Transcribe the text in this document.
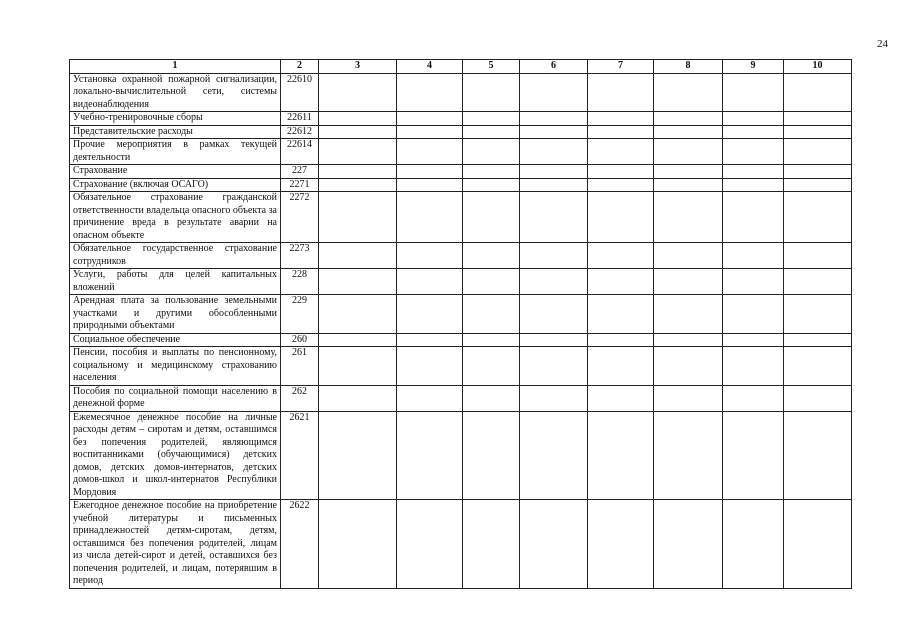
24
1	2	3	4	5	6	7	8	9	10
Установка охранной пожарной сигнализации, локально-вычислительной сети, системы видеонаблюдения	22610								
Учебно-тренировочные сборы	22611								
Представительские расходы	22612								
Прочие мероприятия в рамках текущей деятельности	22614								
Страхование	227								
Страхование (включая ОСАГО)	2271								
Обязательное страхование гражданской ответственности владельца опасного объекта за причинение вреда в результате аварии на опасном объекте	2272								
Обязательное государственное страхование сотрудников	2273								
Услуги, работы для целей капитальных вложений	228								
Арендная плата за пользование земельными участками и другими обособленными природными объектами	229								
Социальное обеспечение	260								
Пенсии, пособия и выплаты по пенсионному, социальному и медицинскому страхованию населения	261								
Пособия по социальной помощи населению в денежной форме	262								
Ежемесячное денежное пособие на личные расходы детям – сиротам и детям, оставшимся без попечения родителей, являющимся воспитанниками (обучающимися) детских домов, детских домов-интернатов, детских домов-школ и школ-интернатов Республики Мордовия	2621								
Ежегодное денежное пособие на приобретение учебной литературы и письменных принадлежностей детям-сиротам, детям, оставшимся без попечения родителей, лицам из числа детей-сирот и детей, оставшихся без попечения родителей, и лицам, потерявшим в период	2622								
